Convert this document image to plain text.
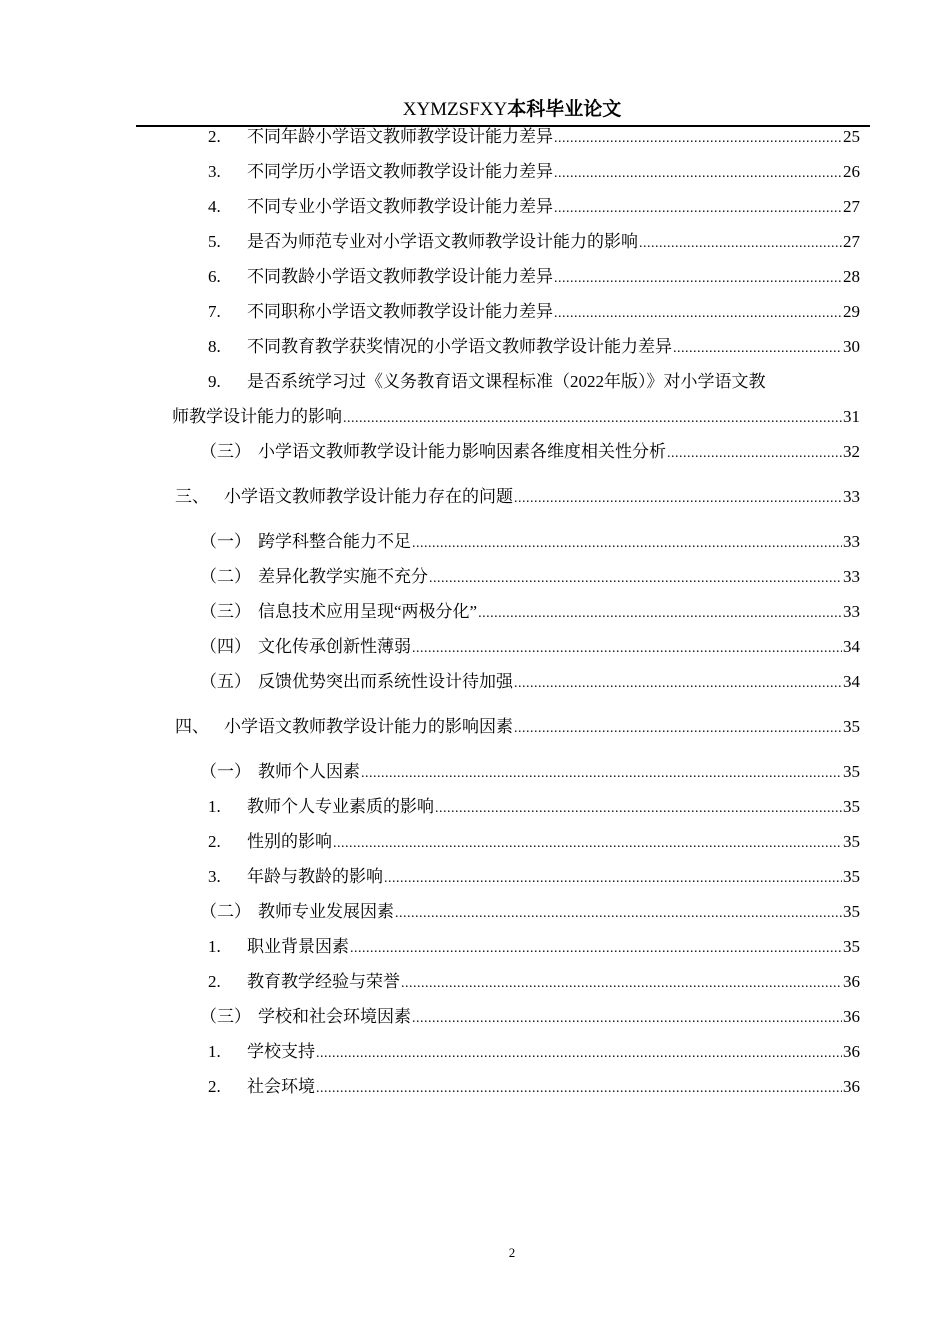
XYMZSFXY本科毕业论文
2.	不同年龄小学语文教师教学设计能力差异 .....	25
3.	不同学历小学语文教师教学设计能力差异 .....	26
4.	不同专业小学语文教师教学设计能力差异 .....	27
5.	是否为师范专业对小学语文教师教学设计能力的影响 .....	27
6.	不同教龄小学语文教师教学设计能力差异 .....	28
7.	不同职称小学语文教师教学设计能力差异 .....	29
8.	不同教育教学获奖情况的小学语文教师教学设计能力差异 .....	30
9.	是否系统学习过《义务教育语文课程标准（2022年版）》对小学语文教
师教学设计能力的影响 .....	31
（三） 小学语文教师教学设计能力影响因素各维度相关性分析 .....	32
三、 小学语文教师教学设计能力存在的问题 .....	33
（一） 跨学科整合能力不足 .....	33
（二） 差异化教学实施不充分 .....	33
（三） 信息技术应用呈现“两极分化” .....	33
（四） 文化传承创新性薄弱 .....	34
（五） 反馈优势突出而系统性设计待加强 .....	34
四、 小学语文教师教学设计能力的影响因素 .....	35
（一） 教师个人因素 .....	35
1.	教师个人专业素质的影响 .....	35
2.	性别的影响 .....	35
3.	年龄与教龄的影响 .....	35
（二） 教师专业发展因素 .....	35
1.	职业背景因素 .....	35
2.	教育教学经验与荣誉 .....	36
（三） 学校和社会环境因素 .....	36
1.	学校支持 .....	36
2.	社会环境 .....	36
2
